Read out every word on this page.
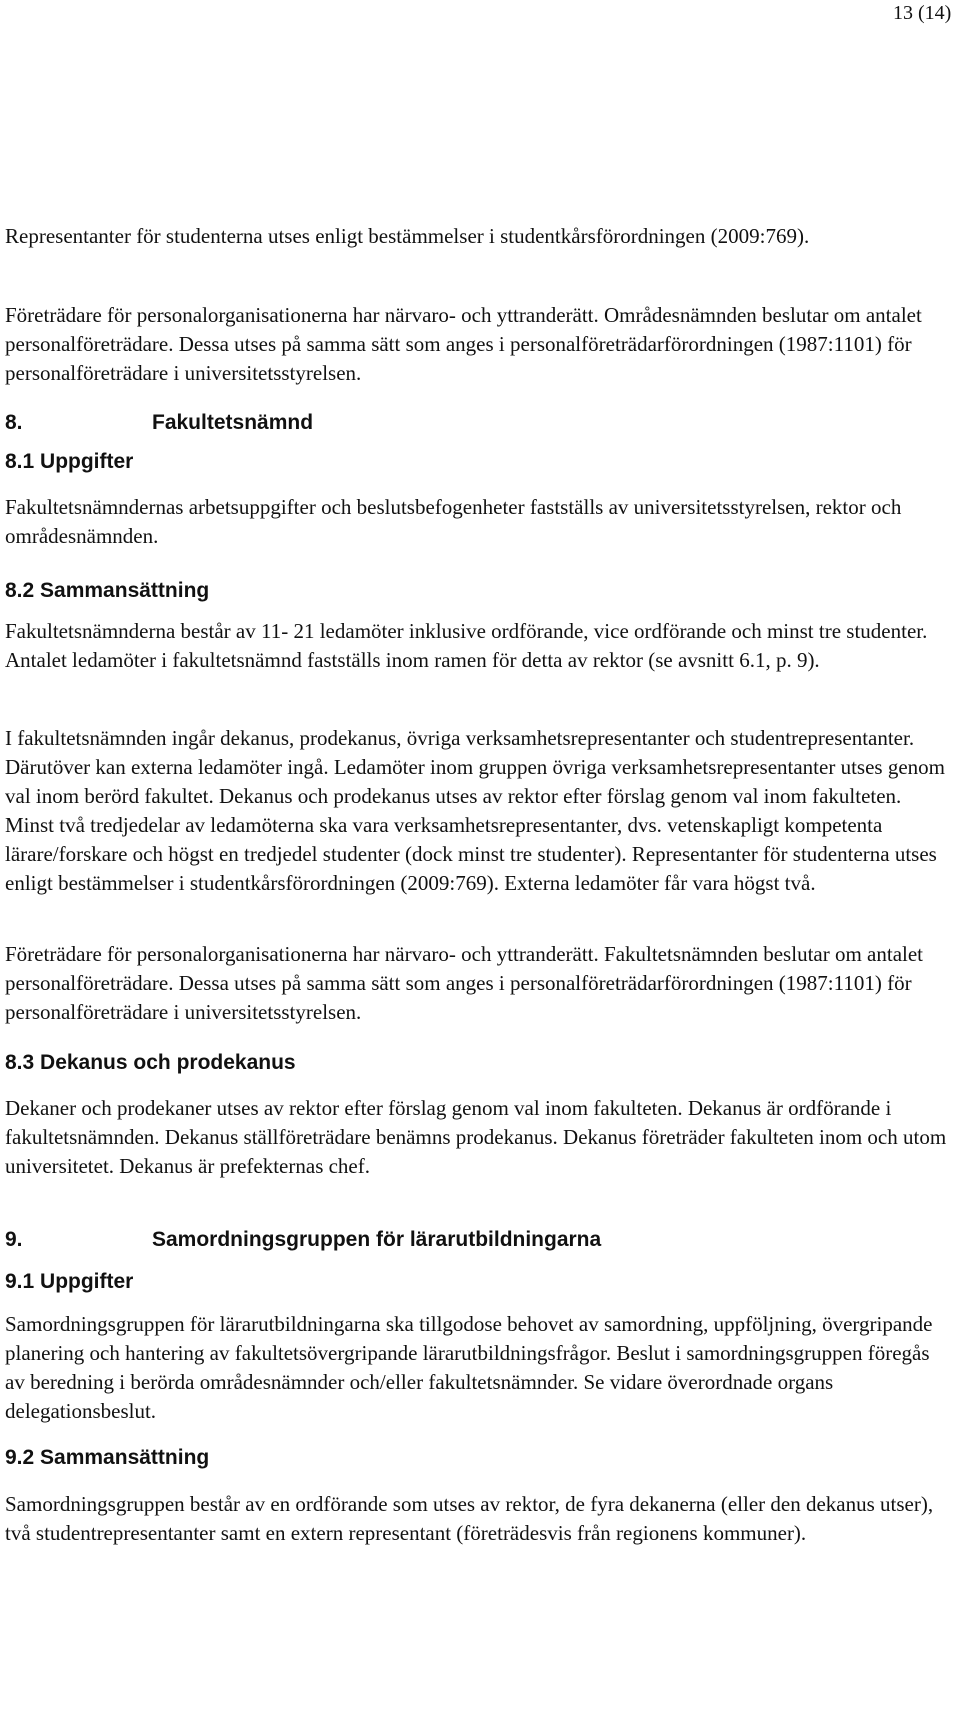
13 (14)

Representanter för studenterna utses enligt bestämmelser i studentkårsförordningen (2009:769).

Företrädare för personalorganisationerna har närvaro- och yttranderätt. Områdesnämnden beslutar om antalet personalföreträdare. Dessa utses på samma sätt som anges i personalföreträdarförordningen (1987:1101) för personalföreträdare i universitetsstyrelsen.

8.	Fakultetsnämnd
8.1 Uppgifter

Fakultetsnämndernas arbetsuppgifter och beslutsbefogenheter fastställs av universitetsstyrelsen, rektor och områdesnämnden.

8.2 Sammansättning

Fakultetsnämnderna består av 11- 21 ledamöter inklusive ordförande, vice ordförande och minst tre studenter. Antalet ledamöter i fakultetsnämnd fastställs inom ramen för detta av rektor (se avsnitt 6.1, p. 9).

I fakultetsnämnden ingår dekanus, prodekanus, övriga verksamhetsrepresentanter och studentrepresentanter. Därutöver kan externa ledamöter ingå. Ledamöter inom gruppen övriga verksamhetsrepresentanter utses genom val inom berörd fakultet. Dekanus och prodekanus utses av rektor efter förslag genom val inom fakulteten. Minst två tredjedelar av ledamöterna ska vara verksamhetsrepresentanter, dvs. vetenskapligt kompetenta lärare/forskare och högst en tredjedel studenter (dock minst tre studenter). Representanter för studenterna utses enligt bestämmelser i studentkårsförordningen (2009:769). Externa ledamöter får vara högst två.

Företrädare för personalorganisationerna har närvaro- och yttranderätt. Fakultetsnämnden beslutar om antalet personalföreträdare. Dessa utses på samma sätt som anges i personalföreträdarförordningen (1987:1101) för personalföreträdare i universitetsstyrelsen.

8.3 Dekanus och prodekanus

Dekaner och prodekaner utses av rektor efter förslag genom val inom fakulteten. Dekanus är ordförande i fakultetsnämnden. Dekanus ställföreträdare benämns prodekanus. Dekanus företräder fakulteten inom och utom universitetet. Dekanus är prefekternas chef.

9.	Samordningsgruppen för lärarutbildningarna
9.1 Uppgifter

Samordningsgruppen för lärarutbildningarna ska tillgodose behovet av samordning, uppföljning, övergripande planering och hantering av fakultetsövergripande lärarutbildningsfrågor. Beslut i samordningsgruppen föregås av beredning i berörda områdesnämnder och/eller fakultetsnämnder. Se vidare överordnade organs delegationsbeslut.

9.2 Sammansättning

Samordningsgruppen består av en ordförande som utses av rektor, de fyra dekanerna (eller den dekanus utser), två studentrepresentanter samt en extern representant (företrädesvis från regionens kommuner).
